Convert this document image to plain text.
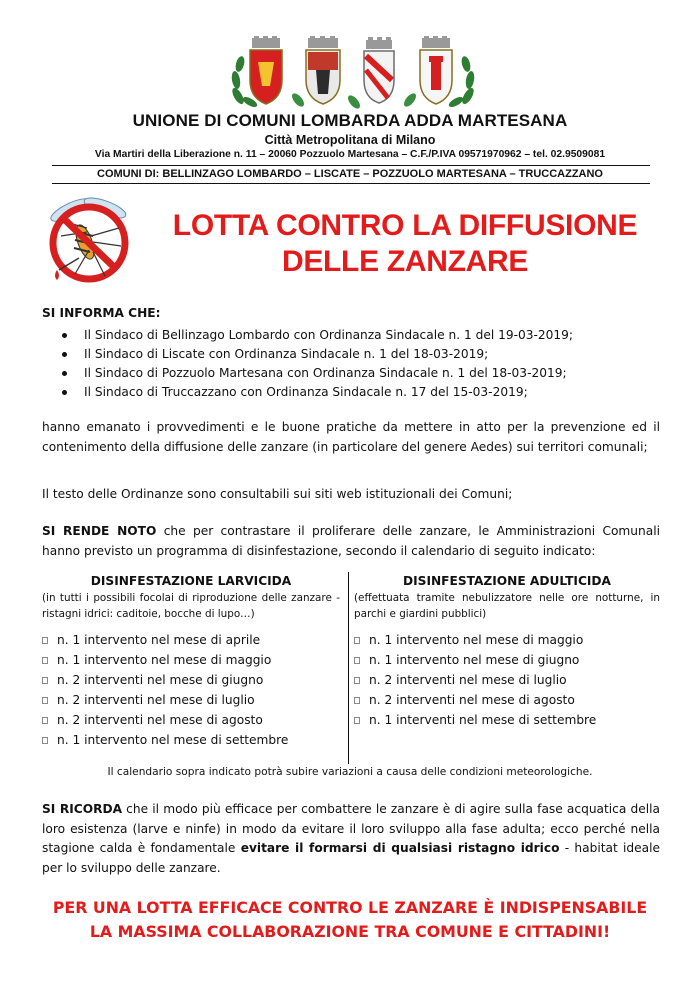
UNIONE DI COMUNI LOMBARDA ADDA MARTESANA
Città Metropolitana di Milano
Via Martiri della Liberazione n. 11 – 20060 Pozzuolo Martesana – C.F./P.IVA 09571970962 – tel. 02.9509081
COMUNI DI: BELLINZAGO LOMBARDO – LISCATE – POZZUOLO MARTESANA – TRUCCAZZANO
LOTTA CONTRO LA DIFFUSIONE
DELLE ZANZARE
SI INFORMA CHE:
Il Sindaco di Bellinzago Lombardo con Ordinanza Sindacale n. 1 del 19-03-2019;
Il Sindaco di Liscate con Ordinanza Sindacale n. 1 del 18-03-2019;
Il Sindaco di Pozzuolo Martesana con Ordinanza Sindacale n. 1 del 18-03-2019;
Il Sindaco di Truccazzano con Ordinanza Sindacale n. 17 del 15-03-2019;
hanno emanato i provvedimenti e le buone pratiche da mettere in atto per la prevenzione ed il contenimento della diffusione delle zanzare (in particolare del genere Aedes) sui territori comunali;
Il testo delle Ordinanze sono consultabili sui siti web istituzionali dei Comuni;
SI RENDE NOTO che per contrastare il proliferare delle zanzare, le Amministrazioni Comunali hanno previsto un programma di disinfestazione, secondo il calendario di seguito indicato:
DISINFESTAZIONE LARVICIDA
(in tutti i possibili focolai di riproduzione delle zanzare - ristagni idrici: caditoie, bocche di lupo…)
n. 1 intervento nel mese di aprile
n. 1 intervento nel mese di maggio
n. 2 interventi nel mese di giugno
n. 2 interventi nel mese di luglio
n. 2 interventi nel mese di agosto
n. 1 intervento nel mese di settembre
DISINFESTAZIONE ADULTICIDA
(effettuata tramite nebulizzatore nelle ore notturne, in parchi e giardini pubblici)
n. 1 intervento nel mese di maggio
n. 1 intervento nel mese di giugno
n. 2 interventi nel mese di luglio
n. 2 interventi nel mese di agosto
n. 1 interventi nel mese di settembre
Il calendario sopra indicato potrà subire variazioni a causa delle condizioni meteorologiche.
SI RICORDA che il modo più efficace per combattere le zanzare è di agire sulla fase acquatica della loro esistenza (larve e ninfe) in modo da evitare il loro sviluppo alla fase adulta; ecco perché nella stagione calda è fondamentale evitare il formarsi di qualsiasi ristagno idrico - habitat ideale per lo sviluppo delle zanzare.
PER UNA LOTTA EFFICACE CONTRO LE ZANZARE È INDISPENSABILE
LA MASSIMA COLLABORAZIONE TRA COMUNE E CITTADINI!
